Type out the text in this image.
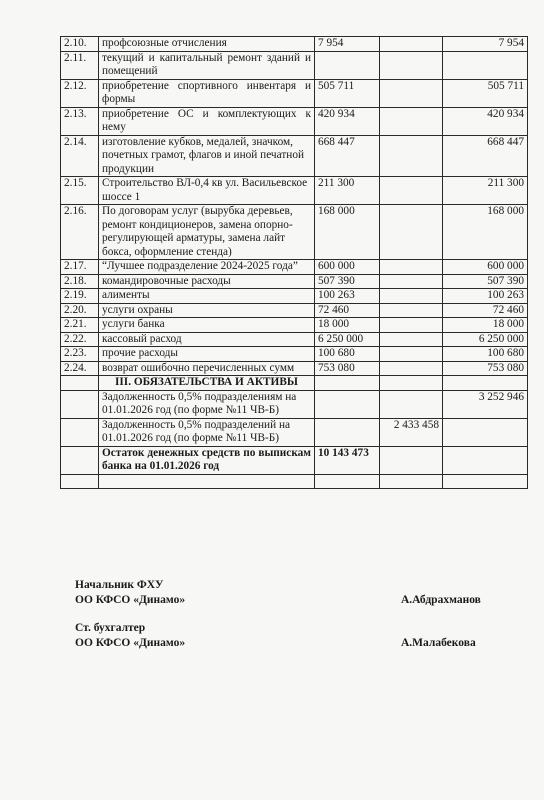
2.10.	профсоюзные отчисления	7 954		7 954
2.11.	текущий и капитальный ремонт зданий и помещений			
2.12.	приобретение спортивного инвентаря и формы	505 711		505 711
2.13.	приобретение ОС и комплектующих к нему	420 934		420 934
2.14.	изготовление кубков, медалей, значком, почетных грамот, флагов и иной печатной продукции	668 447		668 447
2.15.	Строительство ВЛ-0,4 кв ул. Васильевское шоссе 1	211 300		211 300
2.16.	По договорам услуг (вырубка деревьев, ремонт кондиционеров, замена опорно-регулирующей арматуры, замена лайт бокса, оформление стенда)	168 000		168 000
2.17.	“Лучшее подразделение 2024-2025 года”	600 000		600 000
2.18.	командировочные расходы	507 390		507 390
2.19.	алименты	100 263		100 263
2.20.	услуги охраны	72 460		72 460
2.21.	услуги банка	18 000		18 000
2.22.	кассовый расход	6 250 000		6 250 000
2.23.	прочие расходы	100 680		100 680
2.24.	возврат ошибочно перечисленных сумм	753 080		753 080
	III. ОБЯЗАТЕЛЬСТВА И АКТИВЫ			
	Задолженность 0,5% подразделениям на 01.01.2026 год (по форме №11 ЧВ-Б)			3 252 946
	Задолженность 0,5% подразделений на 01.01.2026 год (по форме №11 ЧВ-Б)		2 433 458	
	Остаток денежных средств по выпискам банка на 01.01.2026 год	10 143 473		

Начальник ФХУ
ОО КФСО «Динамо»	А.Абдрахманов
Ст. бухгалтер
ОО КФСО «Динамо»	А.Малабекова
